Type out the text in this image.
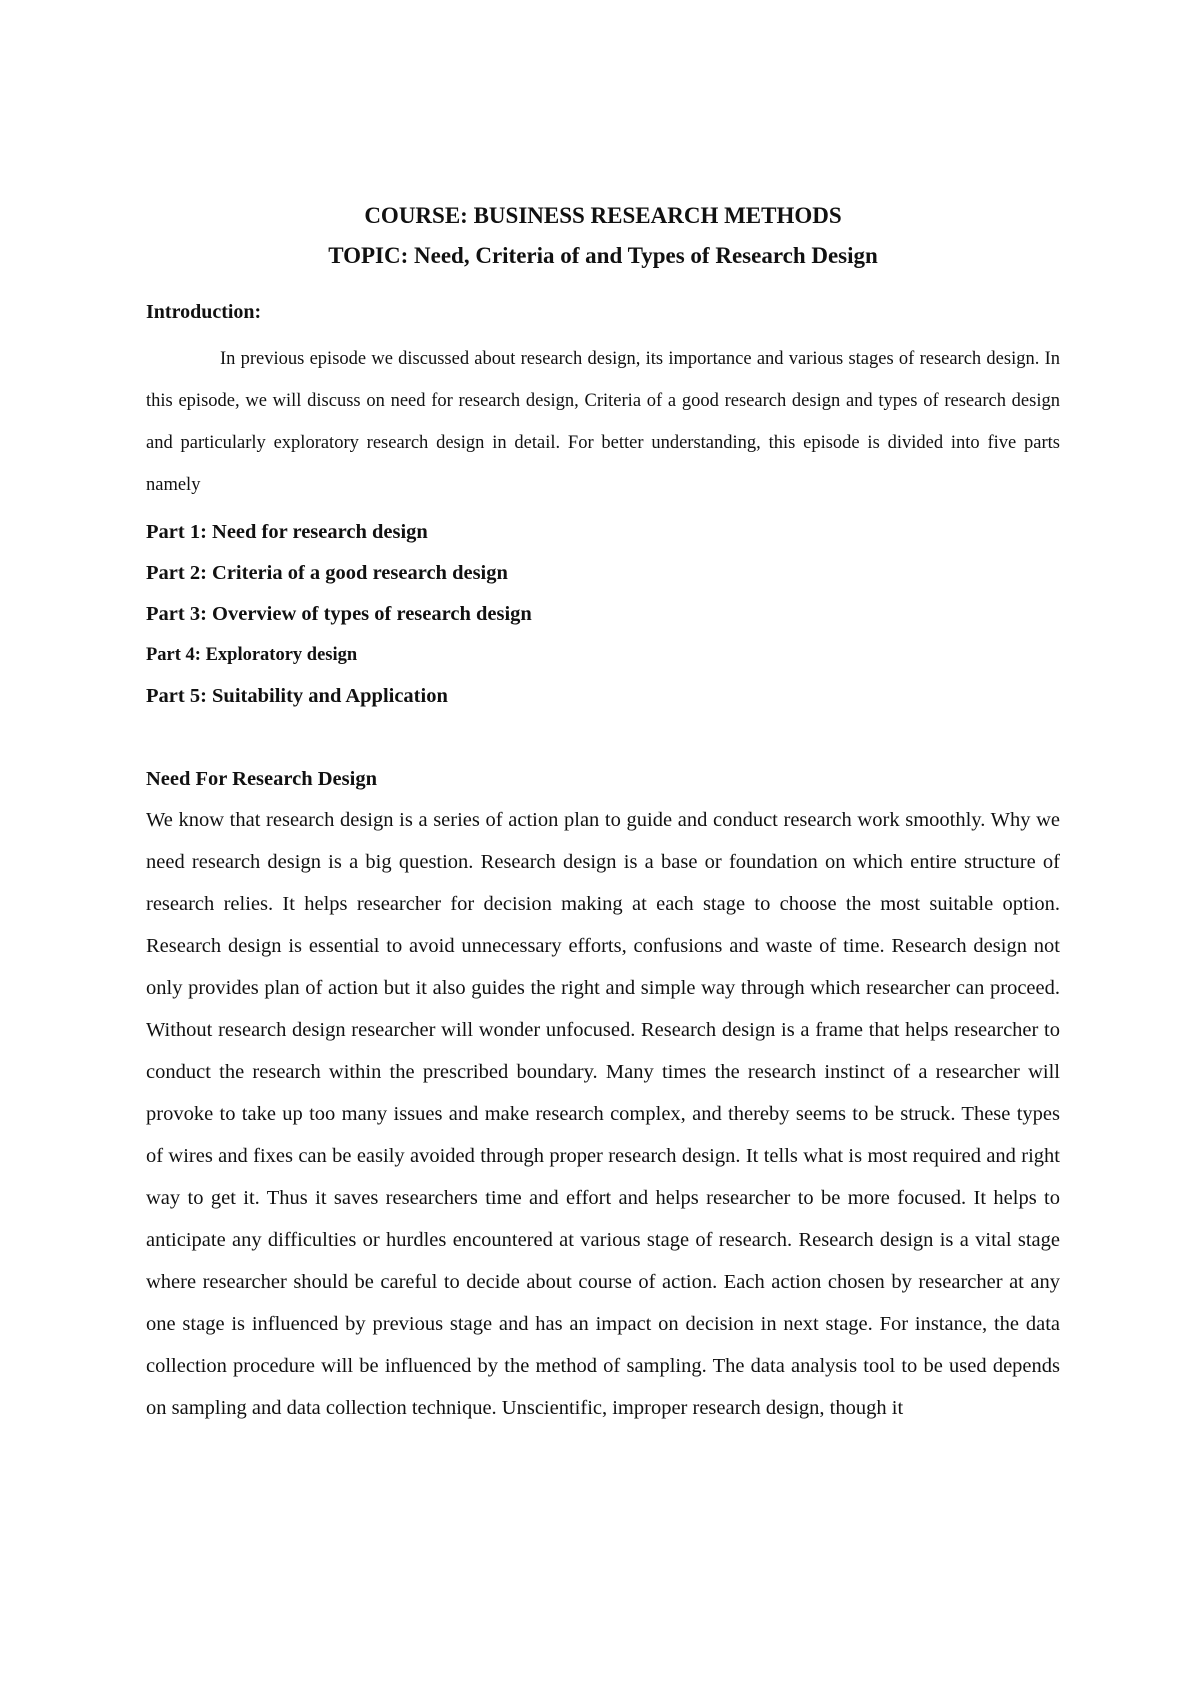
COURSE: BUSINESS RESEARCH METHODS

TOPIC: Need, Criteria of and Types of Research Design

Introduction:

In previous episode we discussed about research design, its importance and various stages of research design. In this episode, we will discuss on need for research design, Criteria of a good research design and types of research design and particularly exploratory research design in detail. For better understanding, this episode is divided into five parts namely

Part 1: Need for research design
Part 2: Criteria of a good research design
Part 3: Overview of types of research design
Part 4: Exploratory design
Part 5: Suitability and Application

Need For Research Design

We know that research design is a series of action plan to guide and conduct research work smoothly. Why we need research design is a big question. Research design is a base or foundation on which entire structure of research relies. It helps researcher for decision making at each stage to choose the most suitable option. Research design is essential to avoid unnecessary efforts, confusions and waste of time. Research design not only provides plan of action but it also guides the right and simple way through which researcher can proceed. Without research design researcher will wonder unfocused. Research design is a frame that helps researcher to conduct the research within the prescribed boundary. Many times the research instinct of a researcher will provoke to take up too many issues and make research complex, and thereby seems to be struck. These types of wires and fixes can be easily avoided through proper research design. It tells what is most required and right way to get it. Thus it saves researchers time and effort and helps researcher to be more focused. It helps to anticipate any difficulties or hurdles encountered at various stage of research. Research design is a vital stage where researcher should be careful to decide about course of action. Each action chosen by researcher at any one stage is influenced by previous stage and has an impact on decision in next stage. For instance, the data collection procedure will be influenced by the method of sampling. The data analysis tool to be used depends on sampling and data collection technique. Unscientific, improper research design, though it
